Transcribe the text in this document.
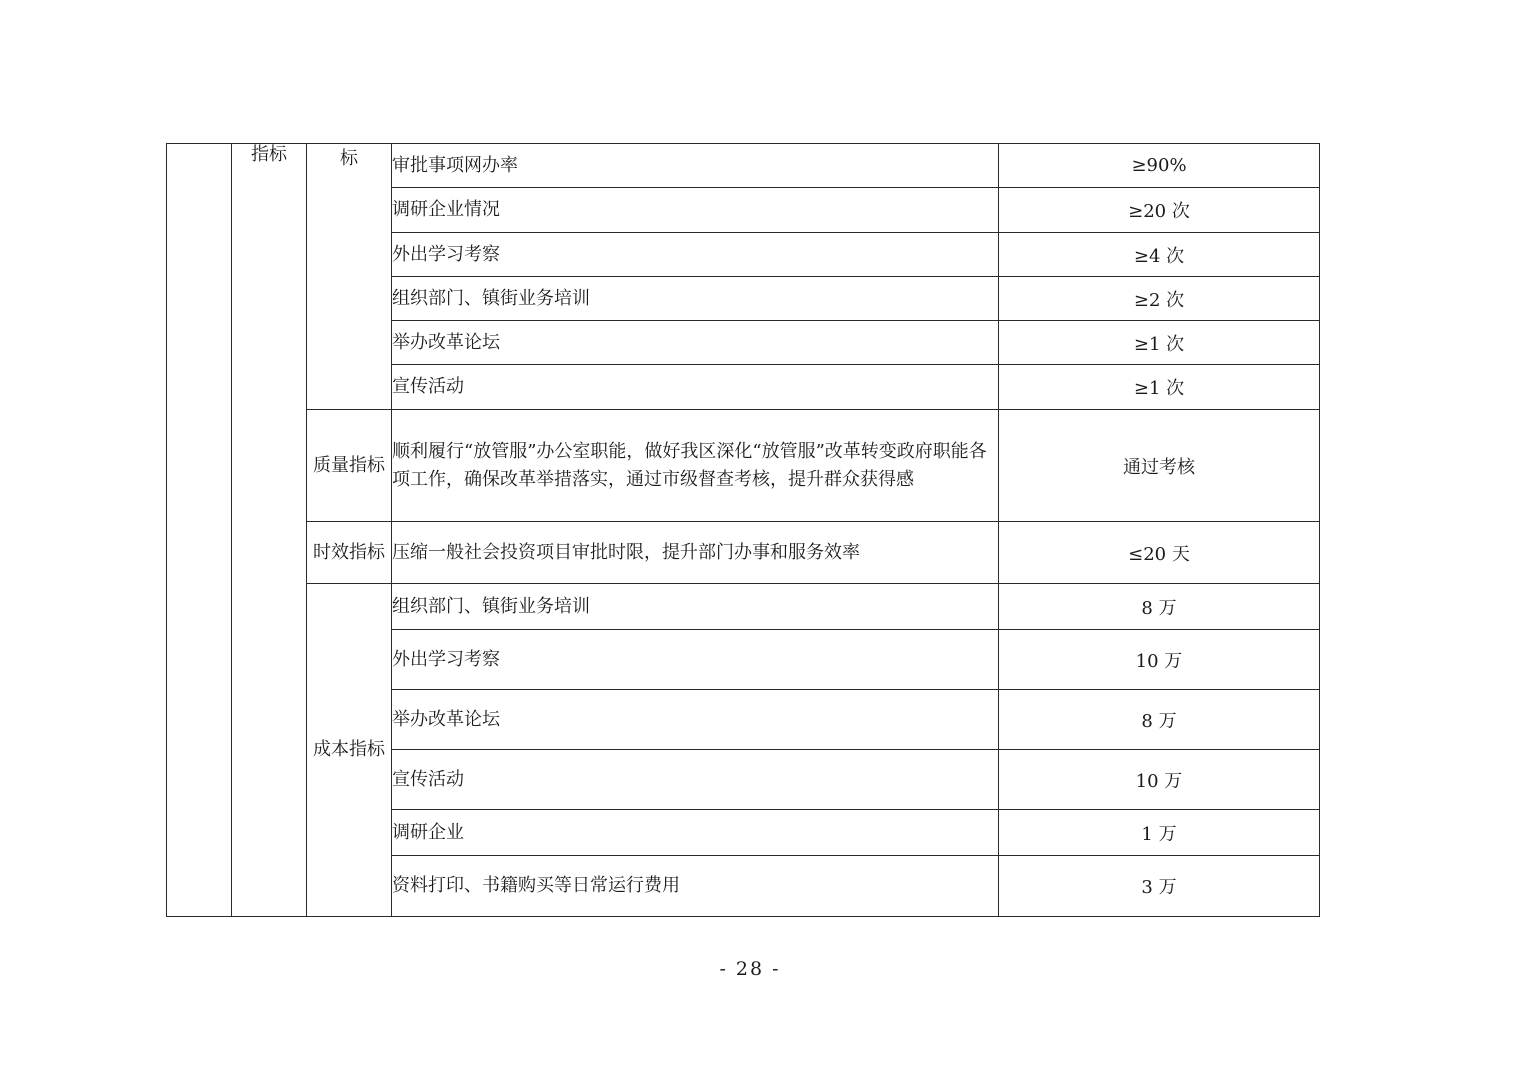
	指标	标	审批事项网办率	≥90%
			调研企业情况	≥20 次
			外出学习考察	≥4 次
			组织部门、镇街业务培训	≥2 次
			举办改革论坛	≥1 次
			宣传活动	≥1 次
		质量指标	顺利履行“放管服”办公室职能，做好我区深化“放管服”改革转变政府职能各项工作，确保改革举措落实，通过市级督查考核，提升群众获得感	通过考核
		时效指标	压缩一般社会投资项目审批时限，提升部门办事和服务效率	≤20 天
		成本指标	组织部门、镇街业务培训	8 万
			外出学习考察	10 万
			举办改革论坛	8 万
			宣传活动	10 万
			调研企业	1 万
			资料打印、书籍购买等日常运行费用	3 万
- 28 -
